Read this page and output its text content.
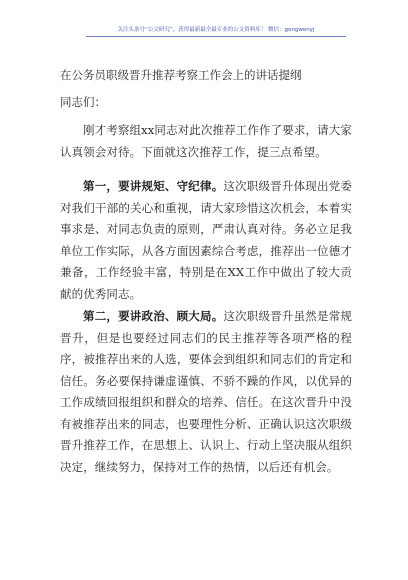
关注头条号“公文研究”，获得最新最全最专业的公文资料库！ 微信：gongwenyj
在公务员职级晋升推荐考察工作会上的讲话提纲
同志们：

刚才考察组xx同志对此次推荐工作作了要求，请大家认真领会对待。下面就这次推荐工作，提三点希望。

第一，要讲规矩、守纪律。这次职级晋升体现出党委对我们干部的关心和重视，请大家珍惜这次机会，本着实事求是、对同志负责的原则，严肃认真对待。务必立足我单位工作实际，从各方面因素综合考虑，推荐出一位德才兼备，工作经验丰富，特别是在XX工作中做出了较大贡献的优秀同志。

第二，要讲政治、顾大局。这次职级晋升虽然是常规晋升，但是也要经过同志们的民主推荐等各项严格的程序，被推荐出来的人选，要体会到组织和同志们的肯定和信任。务必要保持谦虚谨慎、不骄不躁的作风，以优异的工作成绩回报组织和群众的培养、信任。在这次晋升中没有被推荐出来的同志，也要理性分析、正确认识这次职级晋升推荐工作，在思想上、认识上、行动上坚决服从组织决定，继续努力，保持对工作的热情，以后还有机会。
